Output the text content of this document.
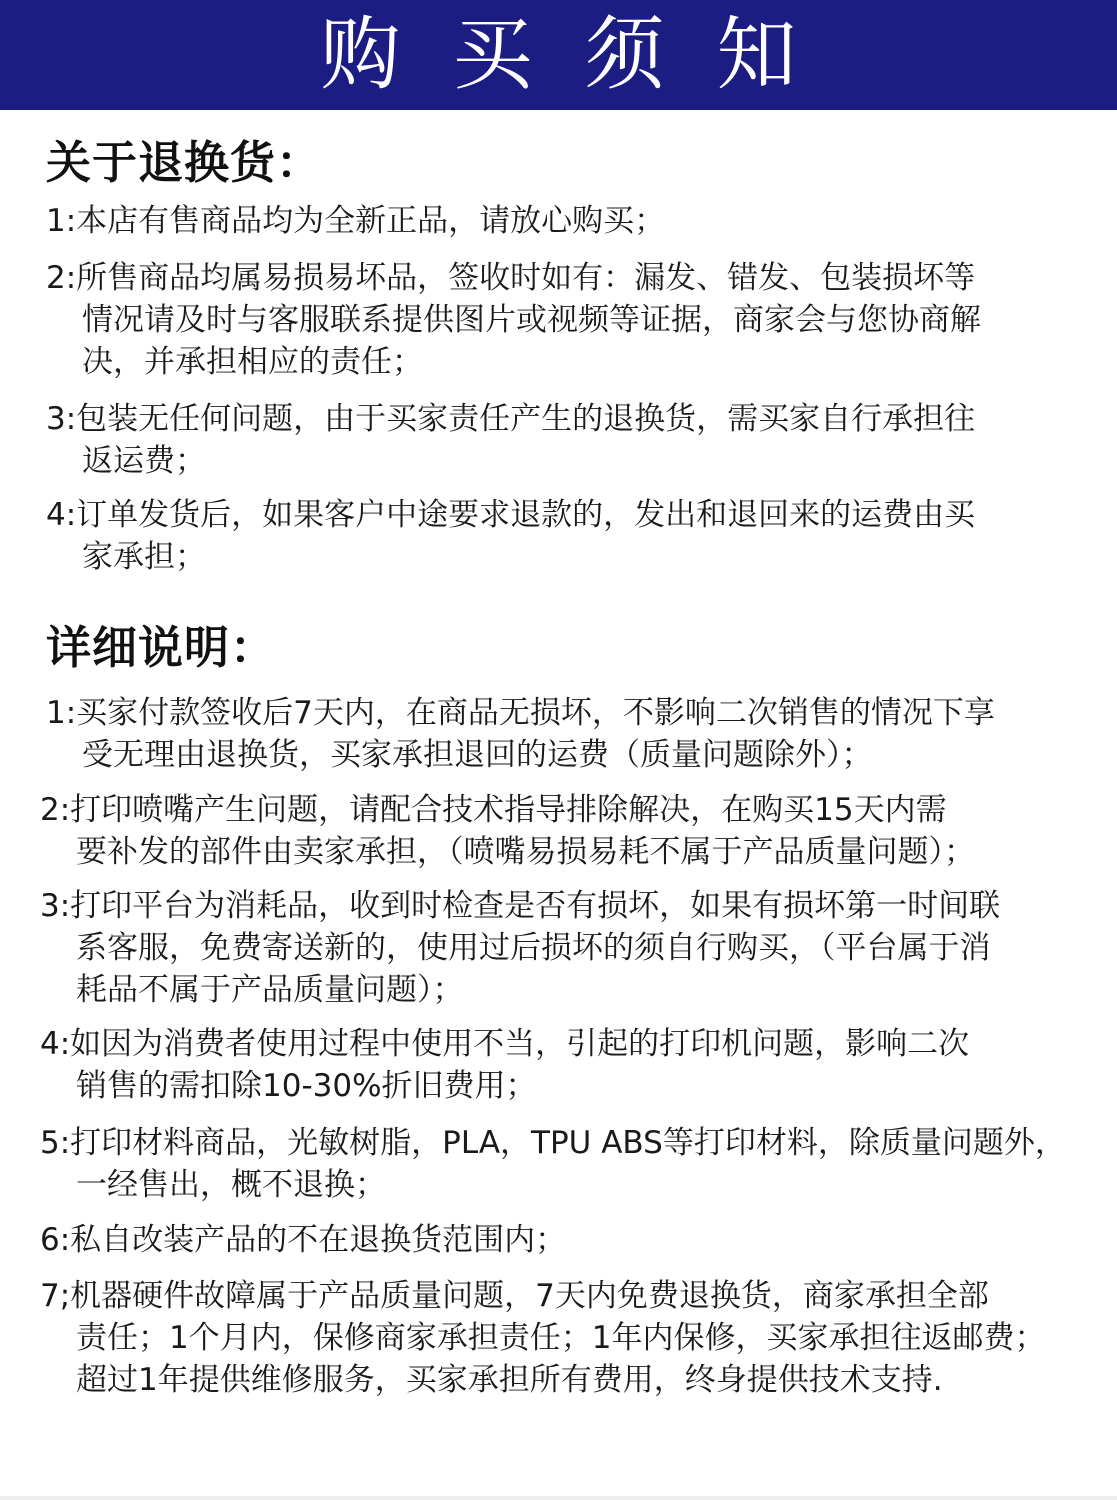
购买须知
关于退换货：

1:本店有售商品均为全新正品，请放心购买；

2:所售商品均属易损易坏品，签收时如有：漏发、错发、包装损坏等
情况请及时与客服联系提供图片或视频等证据，商家会与您协商解
决，并承担相应的责任；

3:包装无任何问题，由于买家责任产生的退换货，需买家自行承担往
返运费；

4:订单发货后，如果客户中途要求退款的，发出和退回来的运费由买
家承担；

详细说明：

1:买家付款签收后7天内，在商品无损坏，不影响二次销售的情况下享
受无理由退换货，买家承担退回的运费（质量问题除外）；

2:打印喷嘴产生问题，请配合技术指导排除解决，在购买15天内需
要补发的部件由卖家承担，（喷嘴易损易耗不属于产品质量问题）；

3:打印平台为消耗品，收到时检查是否有损坏，如果有损坏第一时间联
系客服，免费寄送新的，使用过后损坏的须自行购买，（平台属于消
耗品不属于产品质量问题）；

4:如因为消费者使用过程中使用不当，引起的打印机问题，影响二次
销售的需扣除10-30%折旧费用；

5:打印材料商品，光敏树脂，PLA，TPU ABS等打印材料，除质量问题外，
一经售出，概不退换；

6:私自改装产品的不在退换货范围内；

7;机器硬件故障属于产品质量问题，7天内免费退换货，商家承担全部
责任；1个月内，保修商家承担责任；1年内保修，买家承担往返邮费；
超过1年提供维修服务，买家承担所有费用，终身提供技术支持.
